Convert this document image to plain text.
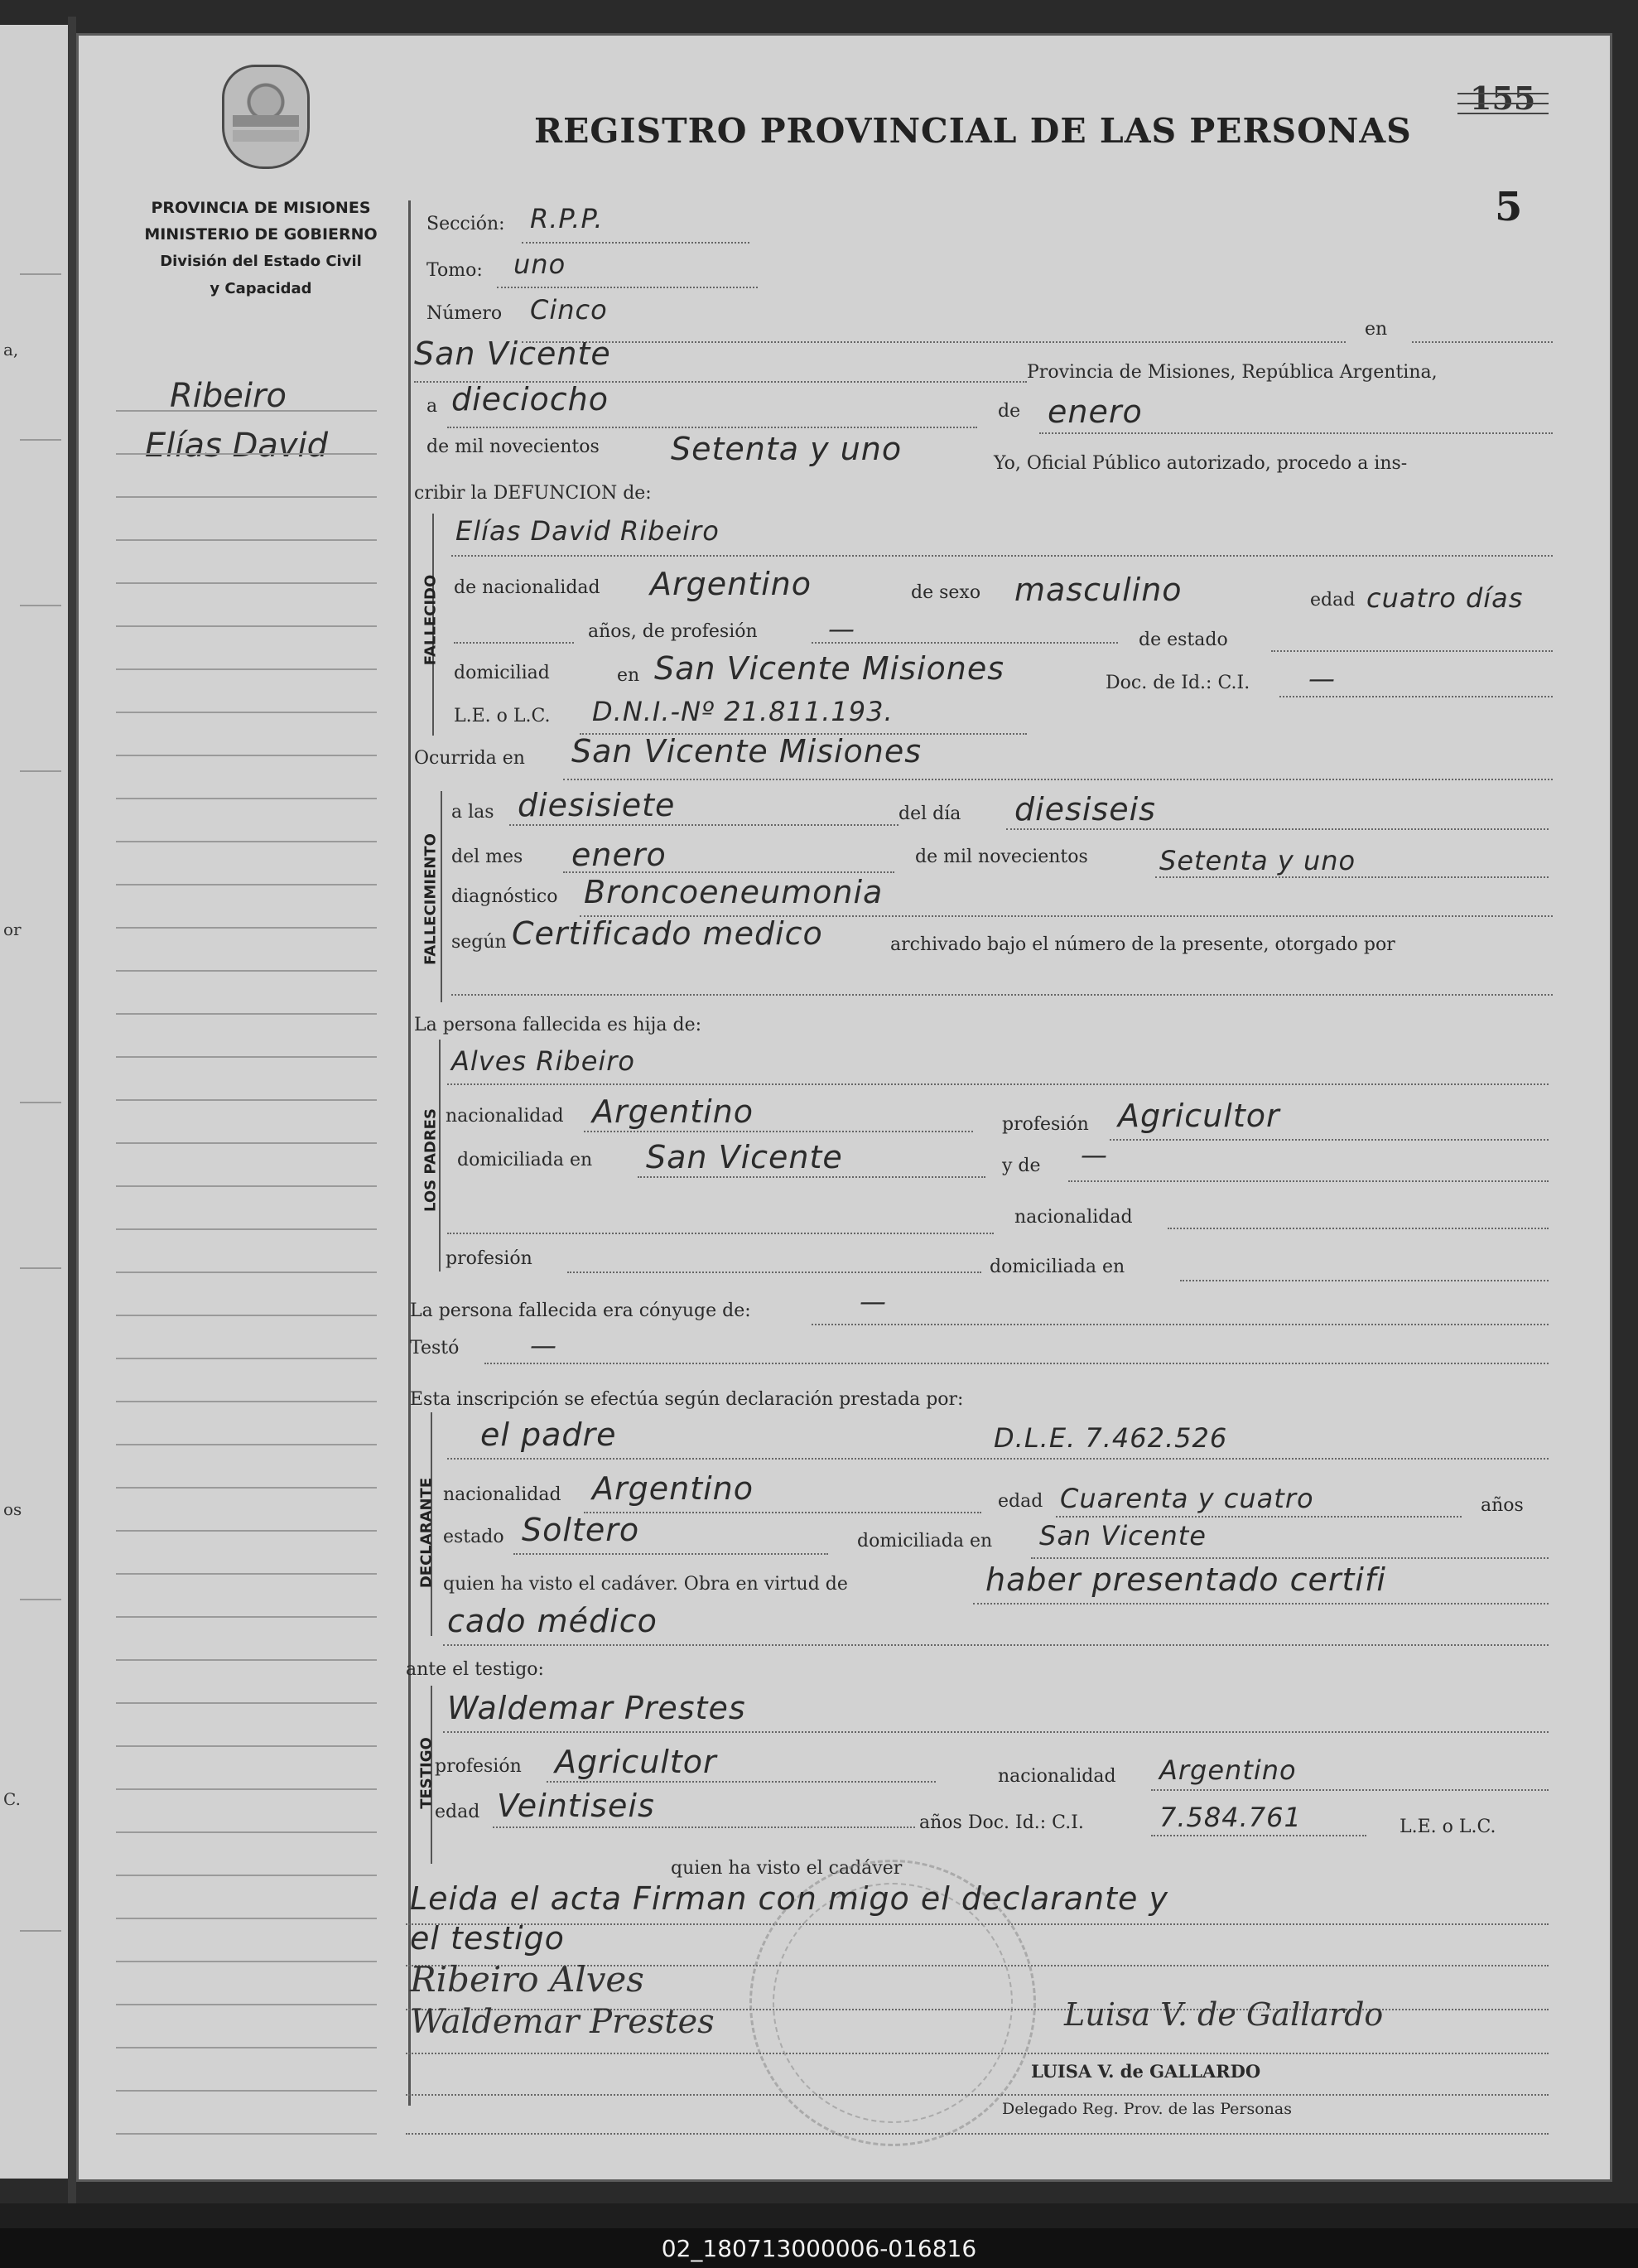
a,
or
os
C.
PROVINCIA DE MISIONES
MINISTERIO DE GOBIERNO
División del Estado Civil
y Capacidad
REGISTRO PROVINCIAL DE LAS PERSONAS
155
5
Ribeiro
Elías David
Sección: R.P.P.
Tomo: uno
Número Cinco
en
San Vicente
Provincia de Misiones, República Argentina,
a dieciocho	de enero
de mil novecientos Setenta y uno	Yo, Oficial Público autorizado, procedo a ins-
cribir la DEFUNCION de:
FALLECIDO
Elías David Ribeiro
de nacionalidad Argentino	de sexo masculino	edad cuatro días
años, de profesión	—	de estado
domiciliad	en San Vicente Misiones	Doc. de Id.: C.I. —
L.E. o L.C. D.N.I.-Nº 21.811.193.
Ocurrida en San Vicente Misiones
FALLECIMIENTO
a las diesisiete	del día diesiseis
del mes enero	de mil novecientos	Setenta y uno
diagnóstico Broncoeneumonia
según Certificado medico	archivado bajo el número de la presente, otorgado por
La persona fallecida es hija de:
LOS PADRES
Alves Ribeiro
nacionalidad Argentino	profesión Agricultor
domiciliada en San Vicente	y de —
nacionalidad
profesión	domiciliada en
La persona fallecida era cónyuge de:	—
Testó	—
Esta inscripción se efectúa según declaración prestada por:
DECLARANTE
el padre	D.L.E. 7.462.526
nacionalidad Argentino	edad Cuarenta y cuatro	años
estado Soltero	domiciliada en San Vicente
quien ha visto el cadáver. Obra en virtud de	haber presentado certifi
cado médico
ante el testigo:
TESTIGO
Waldemar Prestes
profesión Agricultor	nacionalidad Argentino
edad Veintiseis	años Doc. Id.: C.I.	7.584.761	L.E. o L.C.
quien ha visto el cadáver
Leida el acta Firman con migo el declarante y
el testigo
Ribeiro Alves
Waldemar Prestes	Luisa V. de Gallardo
LUISA V. de GALLARDO
Delegado Reg. Prov. de las Personas
02_180713000006-016816
